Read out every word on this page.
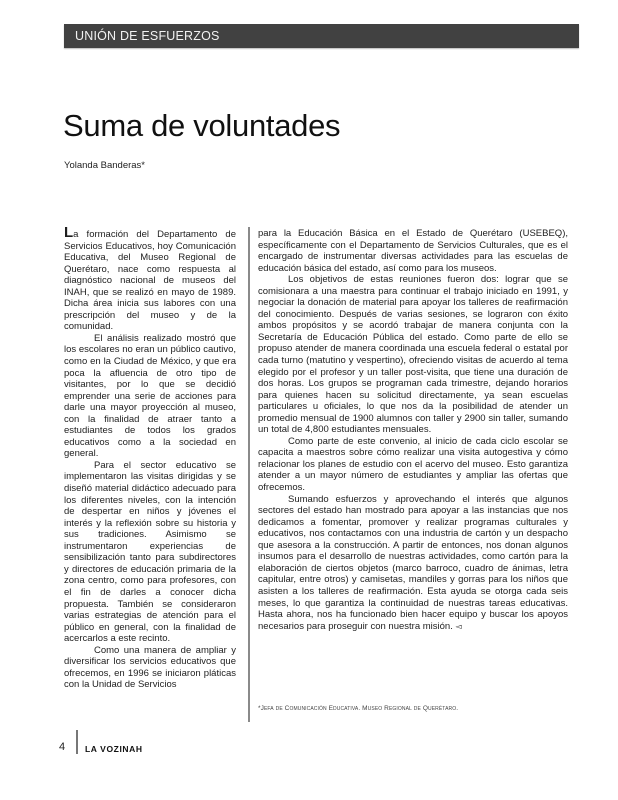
UNIÓN DE ESFUERZOS
Suma de voluntades
Yolanda Banderas*

La formación del Departamento de Servicios Educativos, hoy Comunicación Educativa, del Museo Regional de Querétaro, nace como respuesta al diagnóstico nacional de museos del INAH, que se realizó en mayo de 1989. Dicha área inicia sus labores con una prescripción del museo y de la comunidad.

El análisis realizado mostró que los escolares no eran un público cautivo, como en la Ciudad de México, y que era poca la afluencia de otro tipo de visitantes, por lo que se decidió emprender una serie de acciones para darle una mayor proyección al museo, con la finalidad de atraer tanto a estudiantes de todos los grados educativos como a la sociedad en general.

Para el sector educativo se implementaron las visitas dirigidas y se diseñó material didáctico adecuado para los diferentes niveles, con la intención de despertar en niños y jóvenes el interés y la reflexión sobre su historia y sus tradiciones. Asimismo se instrumentaron experiencias de sensibilización tanto para subdirectores y directores de educación primaria de la zona centro, como para profesores, con el fin de darles a conocer dicha propuesta. También se consideraron varias estrategias de atención para el público en general, con la finalidad de acercarlos a este recinto.

Como una manera de ampliar y diversificar los servicios educativos que ofrecemos, en 1996 se iniciaron pláticas con la Unidad de Servicios

para la Educación Básica en el Estado de Querétaro (USEBEQ), específicamente con el Departamento de Servicios Culturales, que es el encargado de instrumentar diversas actividades para las escuelas de educación básica del estado, así como para los museos.

Los objetivos de estas reuniones fueron dos: lograr que se comisionara a una maestra para continuar el trabajo iniciado en 1991, y negociar la donación de material para apoyar los talleres de reafirmación del conocimiento. Después de varias sesiones, se lograron con éxito ambos propósitos y se acordó trabajar de manera conjunta con la Secretaría de Educación Pública del estado. Como parte de ello se propuso atender de manera coordinada una escuela federal o estatal por cada turno (matutino y vespertino), ofreciendo visitas de acuerdo al tema elegido por el profesor y un taller post-visita, que tiene una duración de dos horas. Los grupos se programan cada trimestre, dejando horarios para quienes hacen su solicitud directamente, ya sean escuelas particulares u oficiales, lo que nos da la posibilidad de atender un promedio mensual de 1900 alumnos con taller y 2900 sin taller, sumando un total de 4,800 estudiantes mensuales.

Como parte de este convenio, al inicio de cada ciclo escolar se capacita a maestros sobre cómo realizar una visita autogestiva y cómo relacionar los planes de estudio con el acervo del museo. Esto garantiza atender a un mayor número de estudiantes y ampliar las ofertas que ofrecemos.

Sumando esfuerzos y aprovechando el interés que algunos sectores del estado han mostrado para apoyar a las instancias que nos dedicamos a fomentar, promover y realizar programas culturales y educativos, nos contactamos con una industria de cartón y un despacho que asesora a la construcción. A partir de entonces, nos donan algunos insumos para el desarrollo de nuestras actividades, como cartón para la elaboración de ciertos objetos (marco barroco, cuadro de ánimas, letra capitular, entre otros) y camisetas, mandiles y gorras para los niños que asisten a los talleres de reafirmación. Esta ayuda se otorga cada seis meses, lo que garantiza la continuidad de nuestras tareas educativas. Hasta ahora, nos ha funcionado bien hacer equipo y buscar los apoyos necesarios para proseguir con nuestra misión. ◅

*Jefa de Comunicación Educativa. Museo Regional de Querétaro.
4 LA VOZINAH
